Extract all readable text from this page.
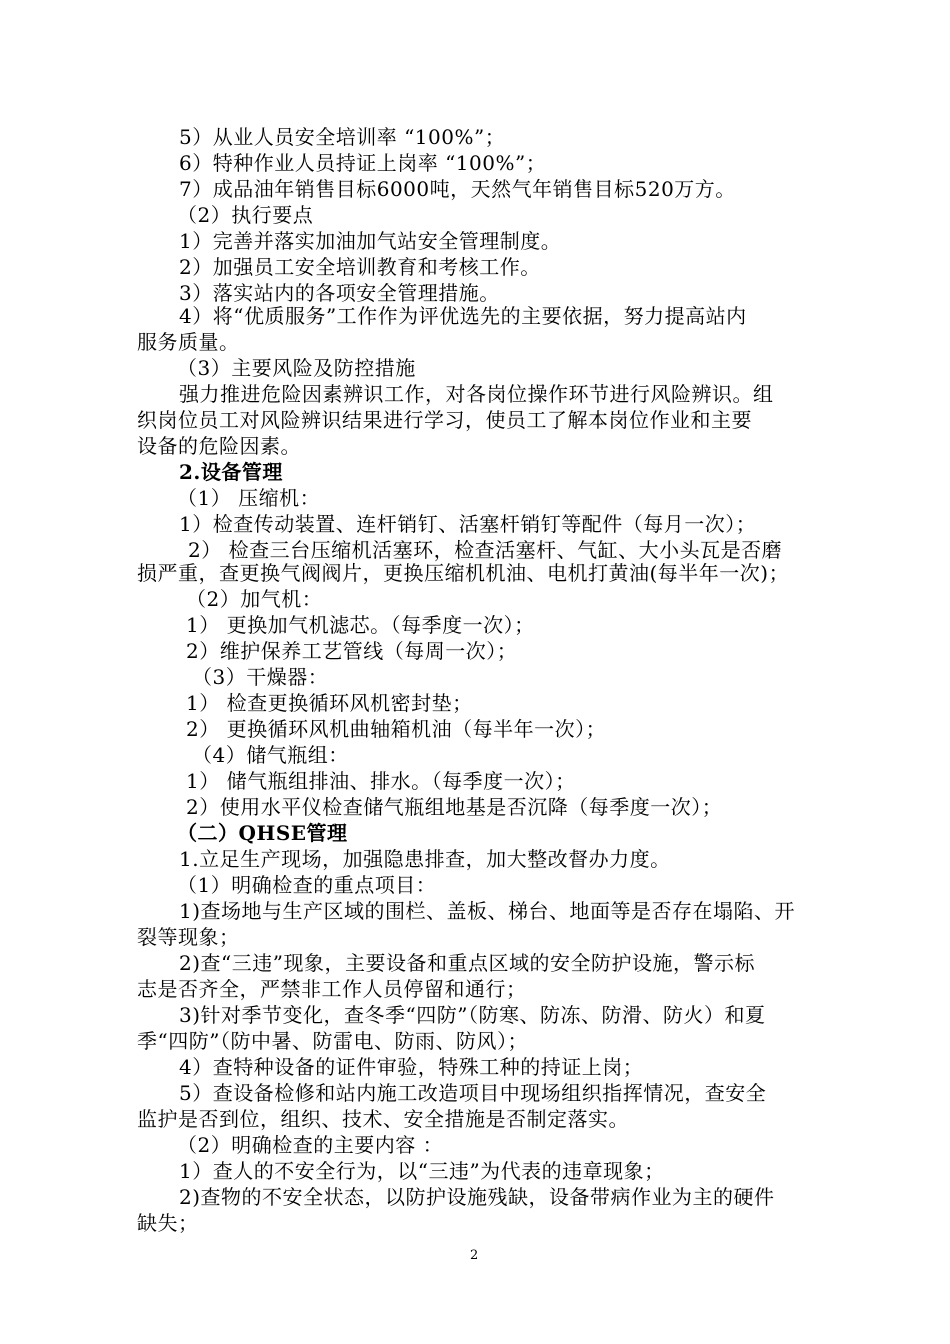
5）从业人员安全培训率 “100%”；
6）特种作业人员持证上岗率 “100%”；
7）成品油年销售目标6000吨，天然气年销售目标520万方。
（2）执行要点
1）完善并落实加油加气站安全管理制度。
2）加强员工安全培训教育和考核工作。
3）落实站内的各项安全管理措施。
4）将“优质服务”工作作为评优选先的主要依据，努力提高站内
服务质量。
（3）主要风险及防控措施
强力推进危险因素辨识工作，对各岗位操作环节进行风险辨识。组
织岗位员工对风险辨识结果进行学习，使员工了解本岗位作业和主要
设备的危险因素。
2.设备管理
（1） 压缩机：
1）检查传动装置、连杆销钉、活塞杆销钉等配件（每月一次）；
2） 检查三台压缩机活塞环，检查活塞杆、气缸、大小头瓦是否磨
损严重，查更换气阀阀片，更换压缩机机油、电机打黄油(每半年一次)；
（2）加气机：
1） 更换加气机滤芯。（每季度一次）；
2）维护保养工艺管线（每周一次）；
（3）干燥器：
1） 检查更换循环风机密封垫；
2） 更换循环风机曲轴箱机油（每半年一次）；
（4）储气瓶组：
1） 储气瓶组排油、排水。（每季度一次）；
2）使用水平仪检查储气瓶组地基是否沉降（每季度一次）；
（二）QHSE管理
1.立足生产现场，加强隐患排查，加大整改督办力度。
（1）明确检查的重点项目：
1)查场地与生产区域的围栏、盖板、梯台、地面等是否存在塌陷、开
裂等现象；
2)查“三违”现象，主要设备和重点区域的安全防护设施，警示标
志是否齐全，严禁非工作人员停留和通行；
3)针对季节变化，查冬季“四防”（防寒、防冻、防滑、防火）和夏
季“四防”（防中暑、防雷电、防雨、防风）；
4）查特种设备的证件审验，特殊工种的持证上岗；
5）查设备检修和站内施工改造项目中现场组织指挥情况，查安全
监护是否到位，组织、技术、安全措施是否制定落实。
（2）明确检查的主要内容 ：
1）查人的不安全行为，以“三违”为代表的违章现象；
2)查物的不安全状态，以防护设施残缺，设备带病作业为主的硬件
缺失；
2
